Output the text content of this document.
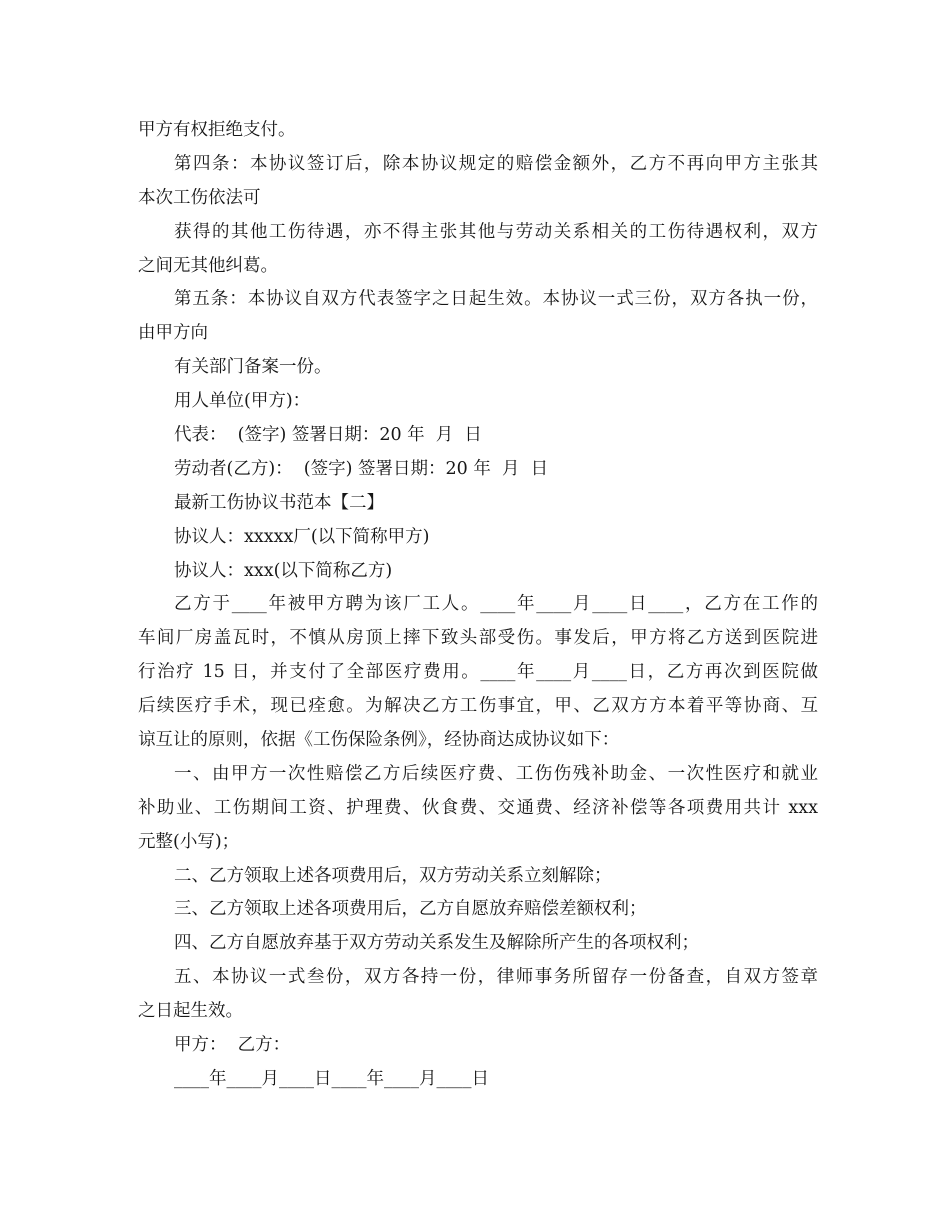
甲方有权拒绝支付。
第四条：本协议签订后，除本协议规定的赔偿金额外，乙方不再向甲方主张其
本次工伤依法可
获得的其他工伤待遇，亦不得主张其他与劳动关系相关的工伤待遇权利，双方
之间无其他纠葛。
第五条：本协议自双方代表签字之日起生效。本协议一式三份，双方各执一份，
由甲方向
有关部门备案一份。
用人单位(甲方)：
代表：  (签字) 签署日期：20 年  月  日
劳动者(乙方)：  (签字) 签署日期：20 年  月  日
最新工伤协议书范本【二】
协议人：xxxxx厂(以下简称甲方)
协议人：xxx(以下简称乙方)
乙方于____年被甲方聘为该厂工人。____年____月____日____，乙方在工作的
车间厂房盖瓦时，不慎从房顶上摔下致头部受伤。事发后，甲方将乙方送到医院进
行治疗 15 日，并支付了全部医疗费用。____年____月____日，乙方再次到医院做
后续医疗手术，现已痊愈。为解决乙方工伤事宜，甲、乙双方方本着平等协商、互
谅互让的原则，依据《工伤保险条例》，经协商达成协议如下：
一、由甲方一次性赔偿乙方后续医疗费、工伤伤残补助金、一次性医疗和就业
补助业、工伤期间工资、护理费、伙食费、交通费、经济补偿等各项费用共计 xxx
元整(小写)；
二、乙方领取上述各项费用后，双方劳动关系立刻解除；
三、乙方领取上述各项费用后，乙方自愿放弃赔偿差额权利；
四、乙方自愿放弃基于双方劳动关系发生及解除所产生的各项权利；
五、本协议一式叁份，双方各持一份，律师事务所留存一份备查，自双方签章
之日起生效。
甲方：  乙方：
____年____月____日____年____月____日
